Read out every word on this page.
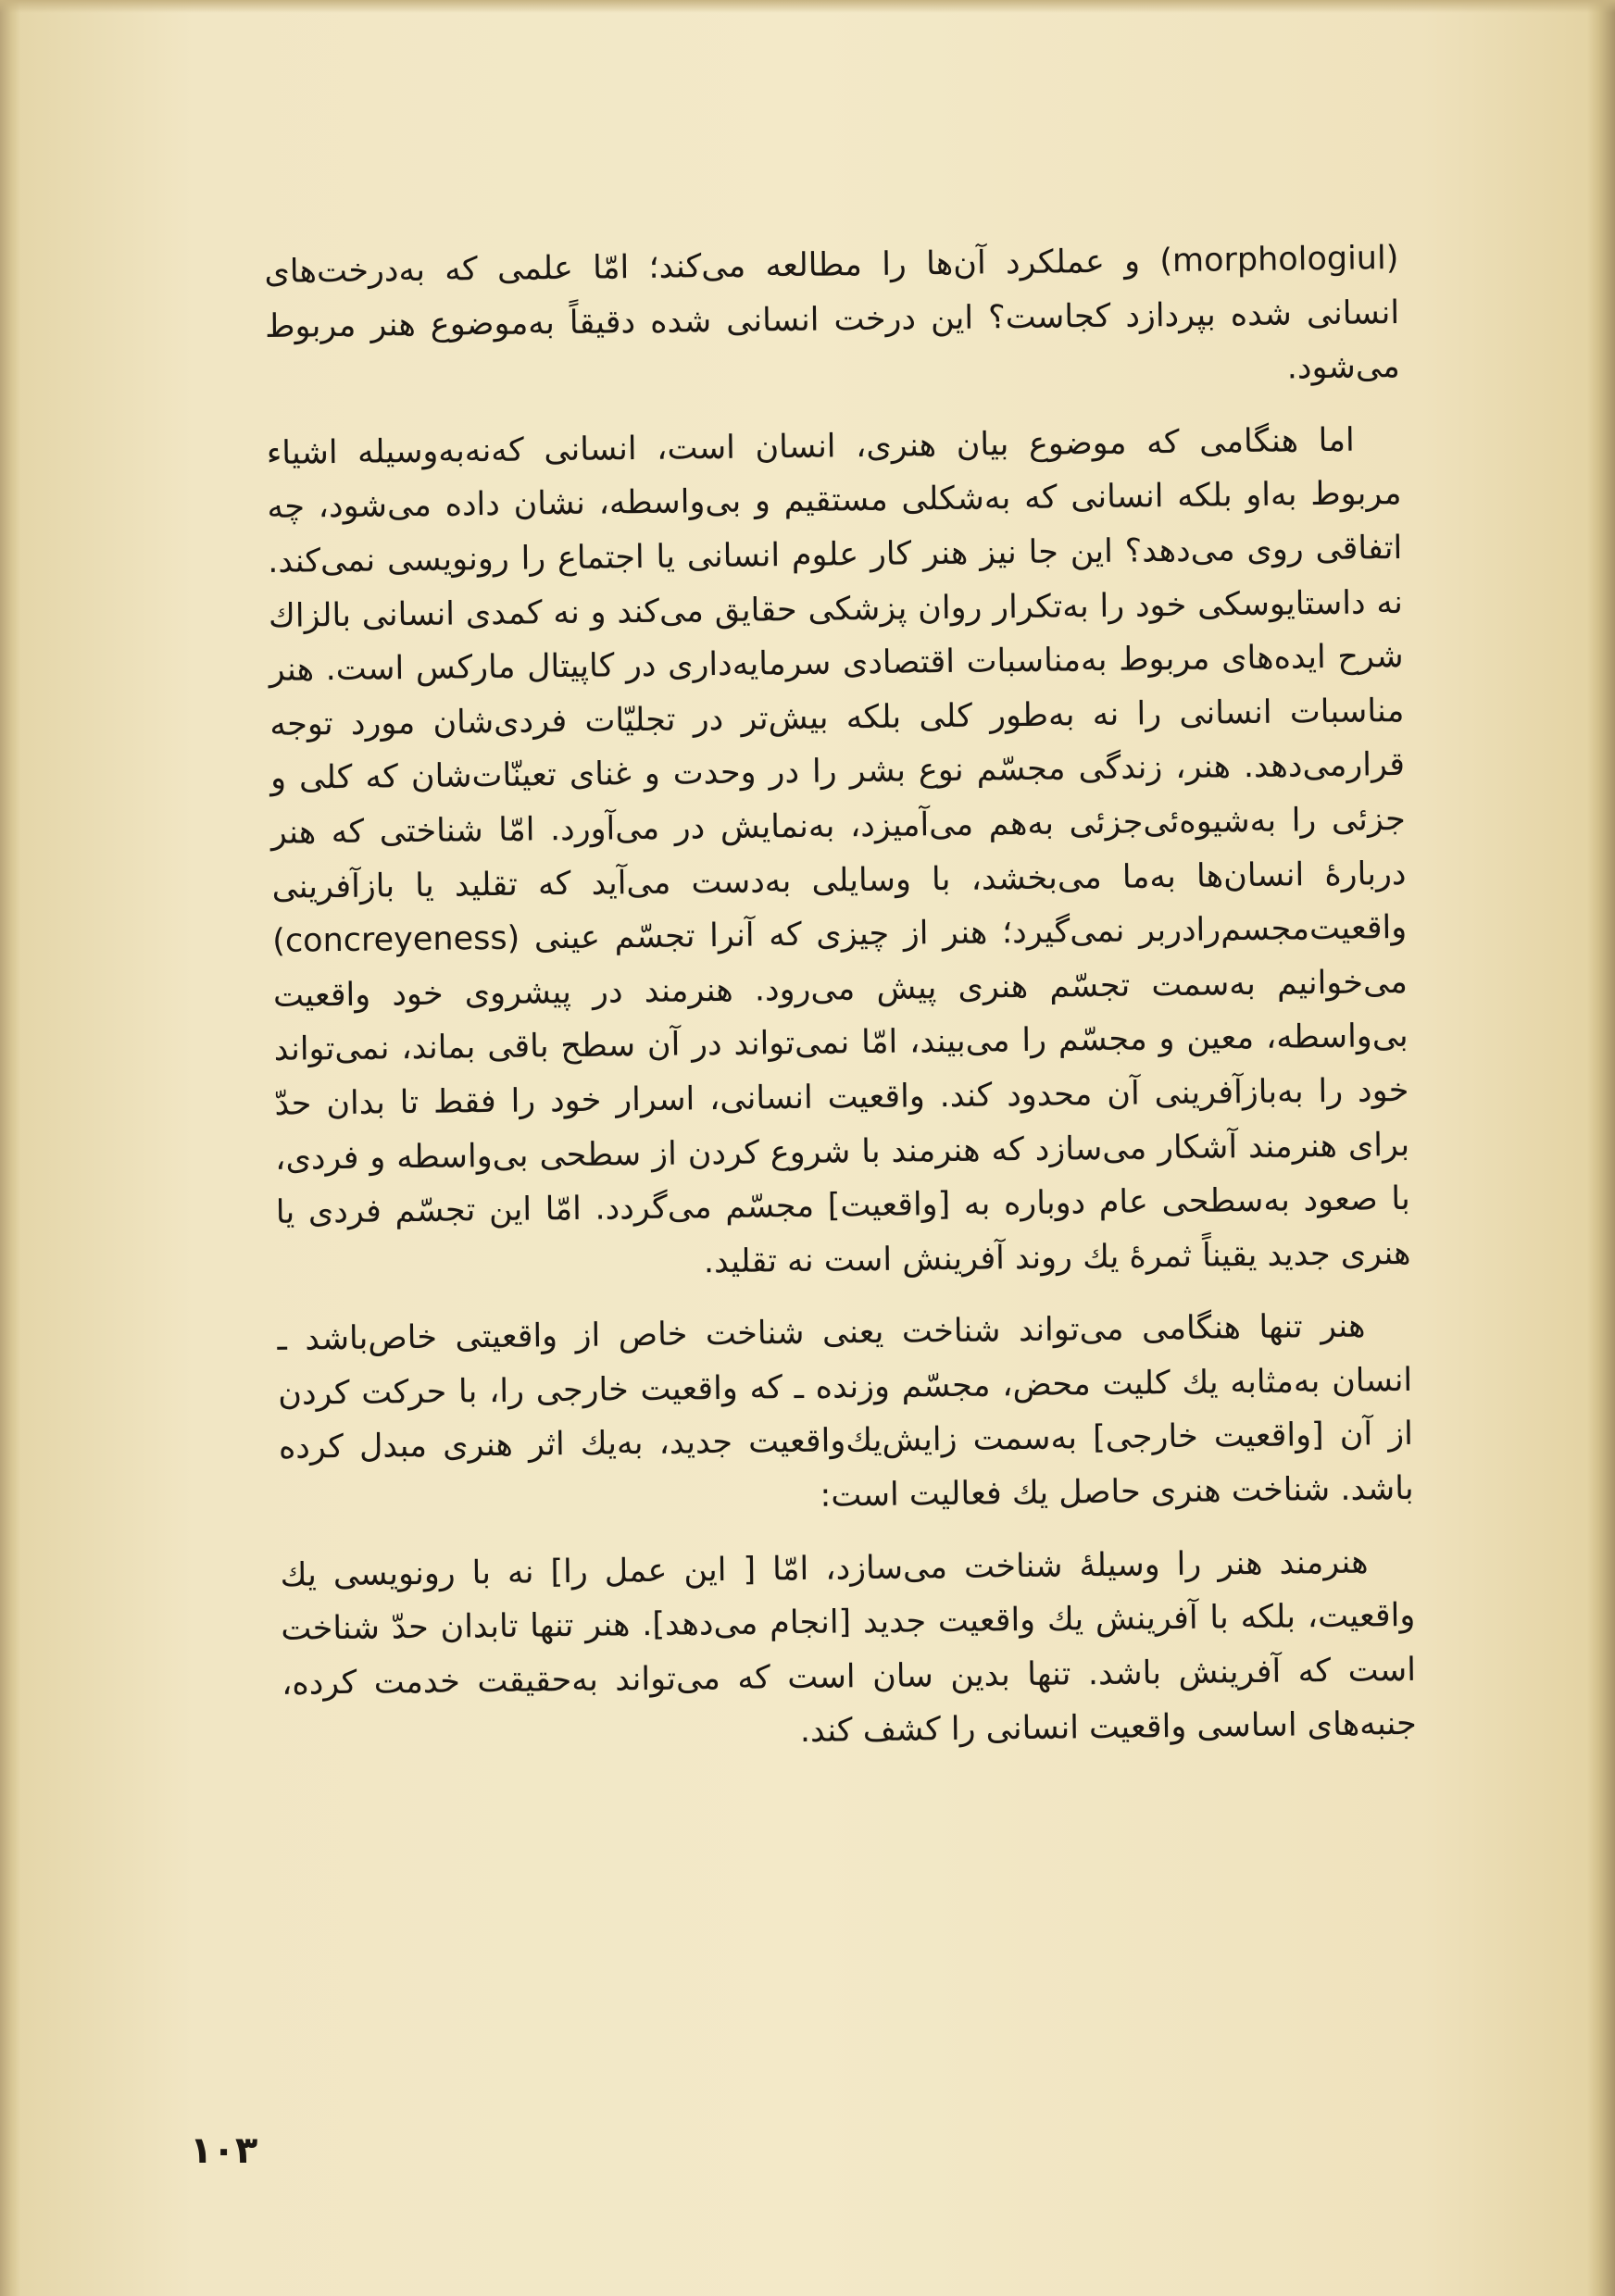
(morphologiul) و عملکرد آن‌ها را مطالعه می‌کند؛ امّا علمی که به‌درخت‌های انسانی شده بپردازد کجاست؟ این درخت انسانی شده دقیقاً به‌موضوع هنر مربوط می‌شود.

اما هنگامی که موضوع بیان هنری، انسان است، انسانی که‌نه‌به‌وسیله اشیاء مربوط به‌او بلکه انسانی که به‌شکلی مستقیم و بی‌واسطه، نشان داده می‌شود، چه اتفاقی روی می‌دهد؟ این جا نیز هنر کار علوم انسانی یا اجتماع را رونویسی نمی‌کند. نه داستایوسکی خود را به‌تکرار روان پزشکی حقایق می‌کند و نه کمدی انسانی بالزاك شرح ایده‌های مربوط به‌مناسبات اقتصادی سرمایه‌داری در کاپیتال مارکس است. هنر مناسبات انسانی را نه به‌طور کلی بلکه بیش‌تر در تجلیّات فردی‌شان مورد توجه قرارمی‌دهد. هنر، زندگی مجسّم نوع بشر را در وحدت و غنای تعینّات‌شان که کلی و جزئی را به‌شیوه‌ئی‌جزئی به‌هم می‌آمیزد، به‌نمایش در می‌آورد. امّا شناختی که هنر دربارهٔ انسان‌ها به‌ما می‌بخشد، با وسایلی به‌دست می‌آید که تقلید یا بازآفرینی واقعیت‌مجسم‌رادربر نمی‌گیرد؛ هنر از چیزی که آنرا تجسّم عینی (concreyeness) می‌خوانیم به‌سمت تجسّم هنری پیش می‌رود. هنرمند در پیشروی خود واقعیت بی‌واسطه، معین و مجسّم را می‌بیند، امّا نمی‌تواند در آن سطح باقی بماند، نمی‌تواند خود را به‌بازآفرینی آن محدود کند. واقعیت انسانی، اسرار خود را فقط تا بدان حدّ برای هنرمند آشکار می‌سازد که هنرمند با شروع کردن از سطحی بی‌واسطه و فردی، با صعود به‌سطحی عام دوباره به [واقعیت] مجسّم می‌گردد. امّا این تجسّم فردی یا هنری جدید یقیناً ثمرهٔ یك روند آفرینش است نه تقلید.

هنر تنها هنگامی می‌تواند شناخت یعنی شناخت خاص از واقعیتی خاص‌باشد ـ انسان به‌مثابه یك کلیت محض، مجسّم وزنده ـ که واقعیت خارجی را، با حرکت کردن از آن [واقعیت خارجی] به‌سمت زایش‌یك‌واقعیت جدید، به‌یك اثر هنری مبدل کرده باشد. شناخت هنری حاصل یك فعالیت است:

هنرمند هنر را وسیلهٔ شناخت می‌سازد، امّا [ این عمل را] نه با رونویسی یك واقعیت، بلکه با آفرینش یك واقعیت جدید [انجام می‌دهد]. هنر تنها تابدان حدّ شناخت است که آفرینش باشد. تنها بدین سان است که می‌تواند به‌حقیقت خدمت کرده، جنبه‌های اساسی واقعیت انسانی را کشف کند.

۱۰۳
